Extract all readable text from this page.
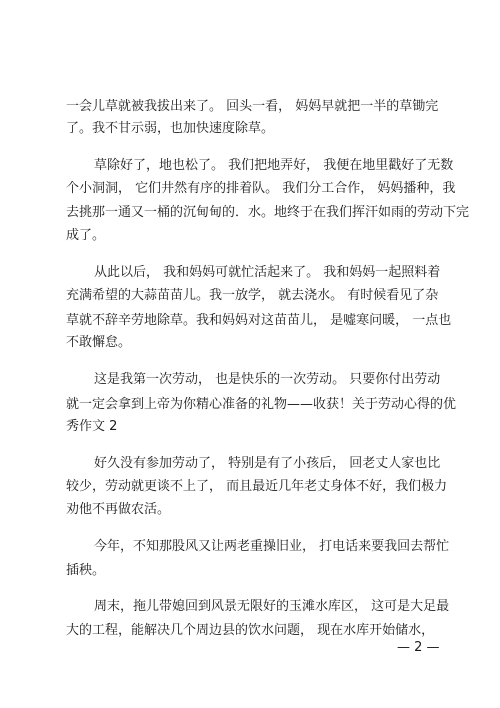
一会儿草就被我拔出来了。 回头一看， 妈妈早就把一半的草锄完
了。我不甘示弱，也加快速度除草。
草除好了，地也松了。 我们把地弄好， 我便在地里戳好了无数
个小洞洞， 它们井然有序的排着队。 我们分工合作， 妈妈播种，我
去挑那一通又一桶的沉甸甸的．水。地终于在我们挥汗如雨的劳动下完
成了。
从此以后， 我和妈妈可就忙活起来了。 我和妈妈一起照料着
充满希望的大蒜苗苗儿。我一放学， 就去浇水。 有时候看见了杂
草就不辞辛劳地除草。我和妈妈对这苗苗儿， 是嘘寒问暖， 一点也
不敢懈怠。
这是我第一次劳动， 也是快乐的一次劳动。 只要你付出劳动
就一定会拿到上帝为你精心准备的礼物——收获！关于劳动心得的优
秀作文 2
好久没有参加劳动了， 特别是有了小孩后， 回老丈人家也比
较少，劳动就更谈不上了， 而且最近几年老丈身体不好，我们极力
劝他不再做农活。
今年，不知那股风又让两老重操旧业， 打电话来要我回去帮忙
插秧。
周末，拖儿带媳回到风景无限好的玉滩水库区， 这可是大足最
大的工程，能解决几个周边县的饮水问题， 现在水库开始储水，
— 2 —
